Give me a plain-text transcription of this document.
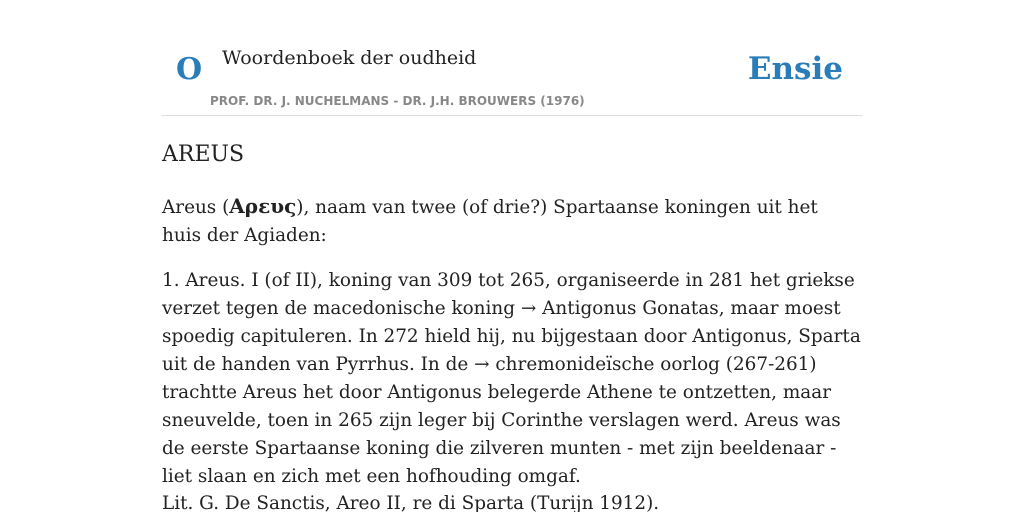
O Woordenboek der oudheid
PROF. DR. J. NUCHELMANS - DR. J.H. BROUWERS (1976)
Ensie
AREUS

Areus (Αρευς), naam van twee (of drie?) Spartaanse koningen uit het huis der Agiaden:

1. Areus. I (of II), koning van 309 tot 265, organiseerde in 281 het griekse verzet tegen de macedonische koning → Antigonus Gonatas, maar moest spoedig capituleren. In 272 hield hij, nu bijgestaan door Antigonus, Sparta uit de handen van Pyrrhus. In de → chremonideïsche oorlog (267-261) trachtte Areus het door Antigonus belegerde Athene te ontzetten, maar sneuvelde, toen in 265 zijn leger bij Corinthe verslagen werd. Areus was de eerste Spartaanse koning die zilveren munten - met zijn beeldenaar - liet slaan en zich met een hofhouding omgaf.

Lit. G. De Sanctis, Areo II, re di Sparta (Turijn 1912).
